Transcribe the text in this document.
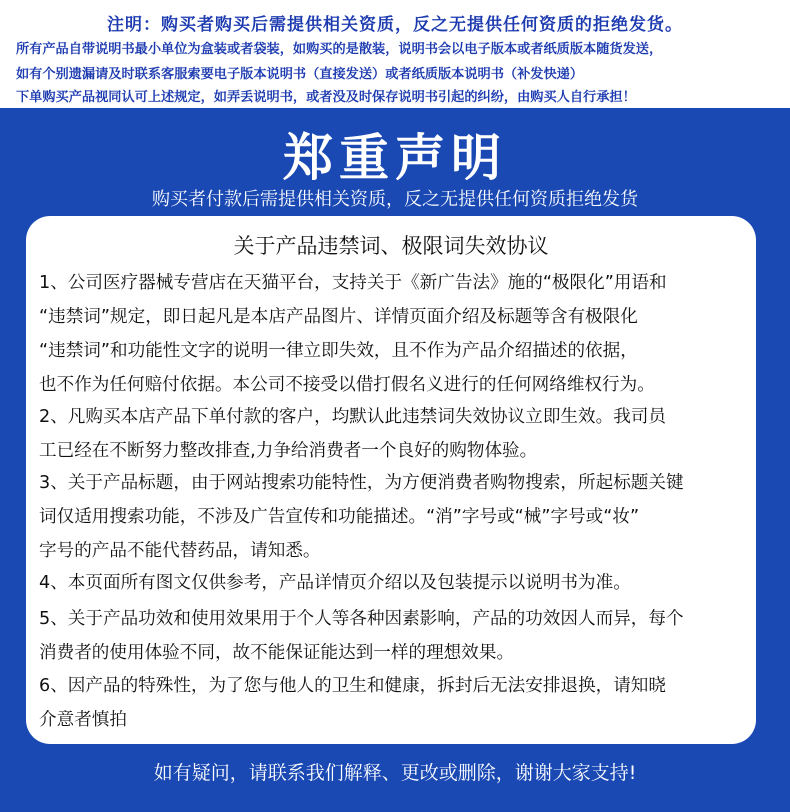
注明：购买者购买后需提供相关资质，反之无提供任何资质的拒绝发货。
所有产品自带说明书最小单位为盒装或者袋装，如购买的是散装，说明书会以电子版本或者纸质版本随货发送，
如有个别遗漏请及时联系客服索要电子版本说明书（直接发送）或者纸质版本说明书（补发快递）
下单购买产品视同认可上述规定，如弄丢说明书，或者没及时保存说明书引起的纠纷，由购买人自行承担！
郑重声明
购买者付款后需提供相关资质，反之无提供任何资质拒绝发货
关于产品违禁词、极限词失效协议
1、公司医疗器械专营店在天猫平台，支持关于《新广告法》施的“极限化”用语和
“违禁词”规定，即日起凡是本店产品图片、详情页面介绍及标题等含有极限化
“违禁词”和功能性文字的说明一律立即失效，且不作为产品介绍描述的依据，
也不作为任何赔付依据。本公司不接受以借打假名义进行的任何网络维权行为。
2、凡购买本店产品下单付款的客户，均默认此违禁词失效协议立即生效。我司员
工已经在不断努力整改排查,力争给消费者一个良好的购物体验。
3、关于产品标题，由于网站搜索功能特性，为方便消费者购物搜索，所起标题关键
词仅适用搜索功能，不涉及广告宣传和功能描述。“消”字号或“械”字号或“妆”
字号的产品不能代替药品，请知悉。
4、本页面所有图文仅供参考，产品详情页介绍以及包装提示以说明书为准。
5、关于产品功效和使用效果用于个人等各种因素影响，产品的功效因人而异，每个
消费者的使用体验不同，故不能保证能达到一样的理想效果。
6、因产品的特殊性，为了您与他人的卫生和健康，拆封后无法安排退换，请知晓
介意者慎拍
如有疑问，请联系我们解释、更改或删除，谢谢大家支持!
